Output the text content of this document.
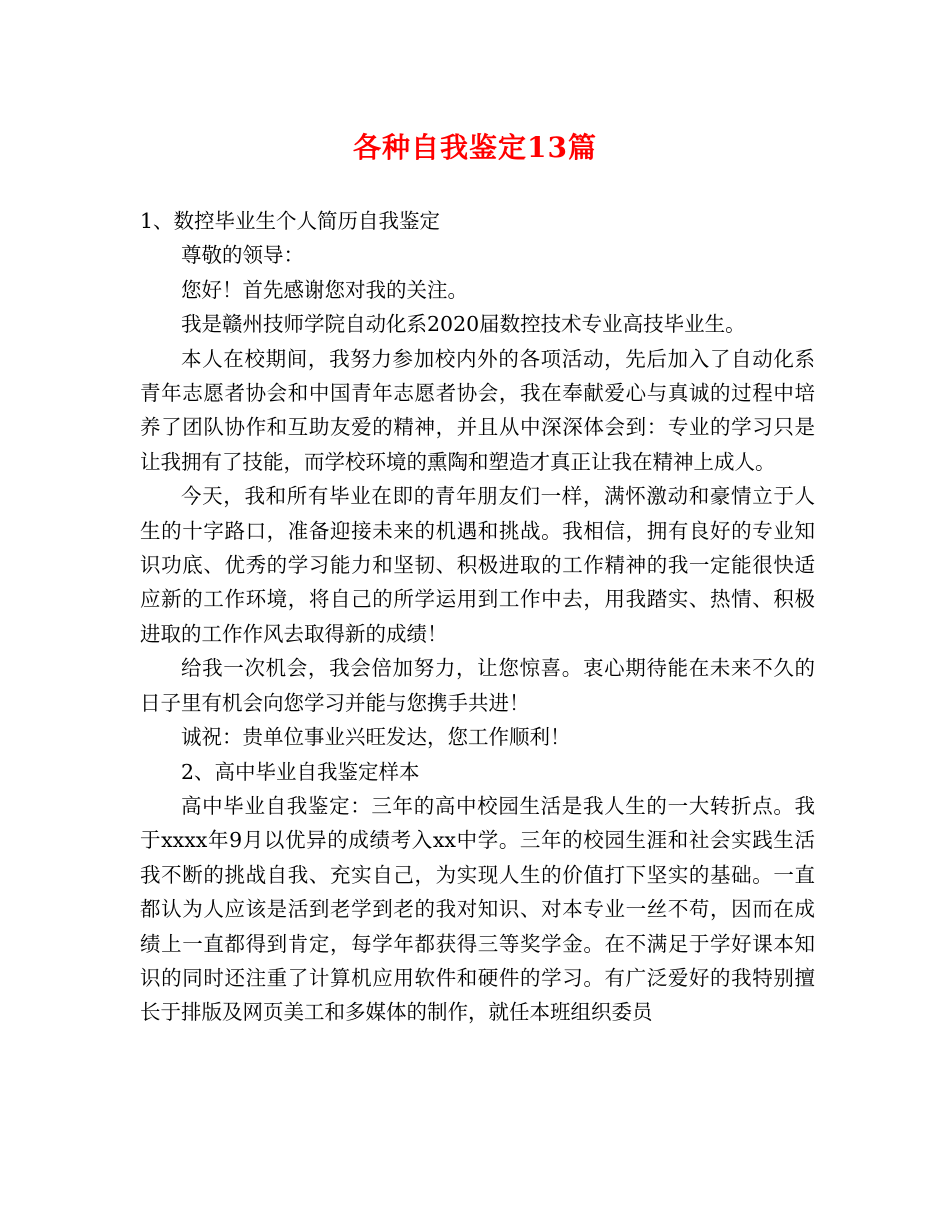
各种自我鉴定13篇

1、数控毕业生个人简历自我鉴定

尊敬的领导：

您好！首先感谢您对我的关注。

我是赣州技师学院自动化系2020届数控技术专业高技毕业生。

本人在校期间，我努力参加校内外的各项活动，先后加入了自动化系青年志愿者协会和中国青年志愿者协会，我在奉献爱心与真诚的过程中培养了团队协作和互助友爱的精神，并且从中深深体会到：专业的学习只是让我拥有了技能，而学校环境的熏陶和塑造才真正让我在精神上成人。

今天，我和所有毕业在即的青年朋友们一样，满怀激动和豪情立于人生的十字路口，准备迎接未来的机遇和挑战。我相信，拥有良好的专业知识功底、优秀的学习能力和坚韧、积极进取的工作精神的我一定能很快适应新的工作环境，将自己的所学运用到工作中去，用我踏实、热情、积极进取的工作作风去取得新的成绩！

给我一次机会，我会倍加努力，让您惊喜。衷心期待能在未来不久的日子里有机会向您学习并能与您携手共进！

诚祝：贵单位事业兴旺发达，您工作顺利！

2、高中毕业自我鉴定样本

高中毕业自我鉴定：三年的高中校园生活是我人生的一大转折点。我于xxxx年9月以优异的成绩考入xx中学。三年的校园生涯和社会实践生活我不断的挑战自我、充实自己，为实现人生的价值打下坚实的基础。一直都认为人应该是活到老学到老的我对知识、对本专业一丝不苟，因而在成绩上一直都得到肯定，每学年都获得三等奖学金。在不满足于学好课本知识的同时还注重了计算机应用软件和硬件的学习。有广泛爱好的我特别擅长于排版及网页美工和多媒体的制作，就任本班组织委员
